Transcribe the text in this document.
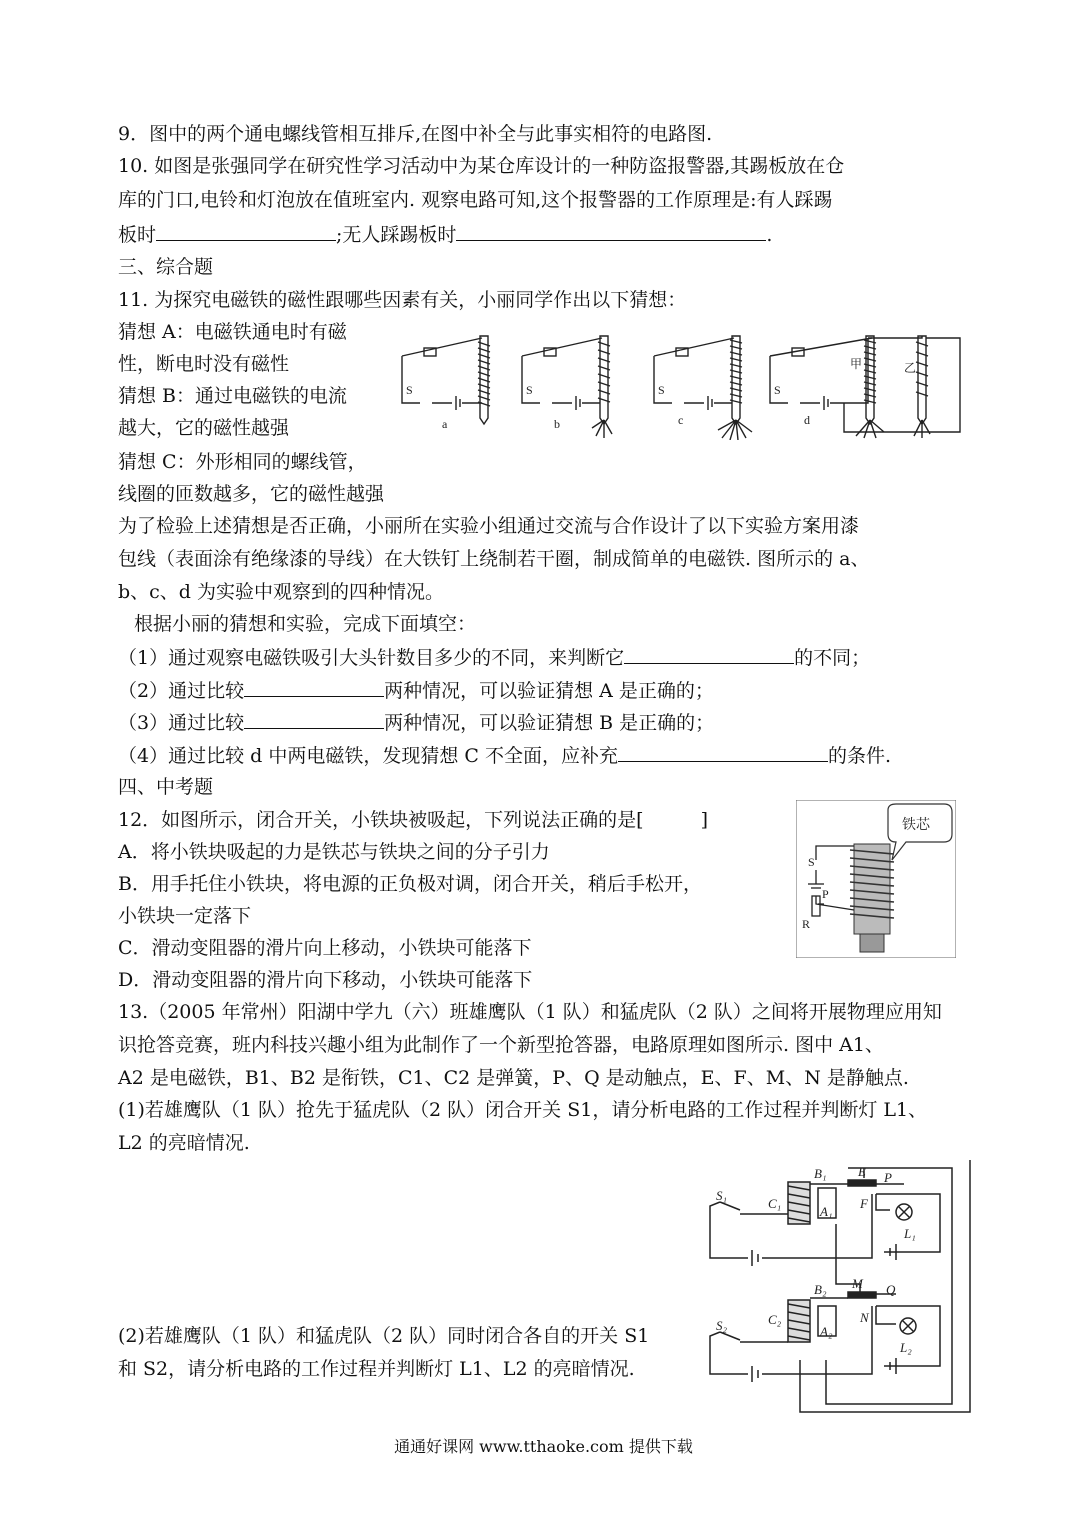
9．图中的两个通电螺线管相互排斥,在图中补全与此事实相符的电路图.
10. 如图是张强同学在研究性学习活动中为某仓库设计的一种防盗报警器,其踢板放在仓
库的门口,电铃和灯泡放在值班室内. 观察电路可知,这个报警器的工作原理是:有人踩踢
板时	;无人踩踢板时	.
三、综合题
11. 为探究电磁铁的磁性跟哪些因素有关，小丽同学作出以下猜想：
猜想 A：电磁铁通电时有磁
性，断电时没有磁性
猜想 B：通过电磁铁的电流
越大，它的磁性越强
猜想 C：外形相同的螺线管，
线圈的匝数越多，它的磁性越强
S	S	S	S
a	b	c	d
甲	乙
为了检验上述猜想是否正确，小丽所在实验小组通过交流与合作设计了以下实验方案用漆
包线（表面涂有绝缘漆的导线）在大铁钉上绕制若干圈，制成简单的电磁铁. 图所示的 a、
b、c、d 为实验中观察到的四种情况。
根据小丽的猜想和实验，完成下面填空：
（1）通过观察电磁铁吸引大头针数目多少的不同，来判断它	的不同；
（2）通过比较	两种情况，可以验证猜想 A 是正确的；
（3）通过比较	两种情况，可以验证猜想 B 是正确的；
（4）通过比较 d 中两电磁铁，发现猜想 C 不全面，应补充	的条件.
四、中考题
12．如图所示，闭合开关，小铁块被吸起，下列说法正确的是[　　　]
A．将小铁块吸起的力是铁芯与铁块之间的分子引力
B．用手托住小铁块，将电源的正负极对调，闭合开关，稍后手松开，
小铁块一定落下
C．滑动变阻器的滑片向上移动，小铁块可能落下
D．滑动变阻器的滑片向下移动，小铁块可能落下
铁芯
S
P
R
13.（2005 年常州）阳湖中学九（六）班雄鹰队（1 队）和猛虎队（2 队）之间将开展物理应用知
识抢答竞赛，班内科技兴趣小组为此制作了一个新型抢答器，电路原理如图所示. 图中 A1、
A2 是电磁铁，B1、B2 是衔铁，C1、C2 是弹簧，P、Q 是动触点，E、F、M、N 是静触点.
(1)若雄鹰队（1 队）抢先于猛虎队（2 队）闭合开关 S1，请分析电路的工作过程并判断灯 L1、
L2 的亮暗情况.
(2)若雄鹰队（1 队）和猛虎队（2 队）同时闭合各自的开关 S1
和 S2，请分析电路的工作过程并判断灯 L1、L2 的亮暗情况.
S₁
C₁
B₁
A₁
E P
F
L₁
S₂	C₂
B₂
A₂
M Q
N
L₂
通通好课网 www.tthaoke.com 提供下载
